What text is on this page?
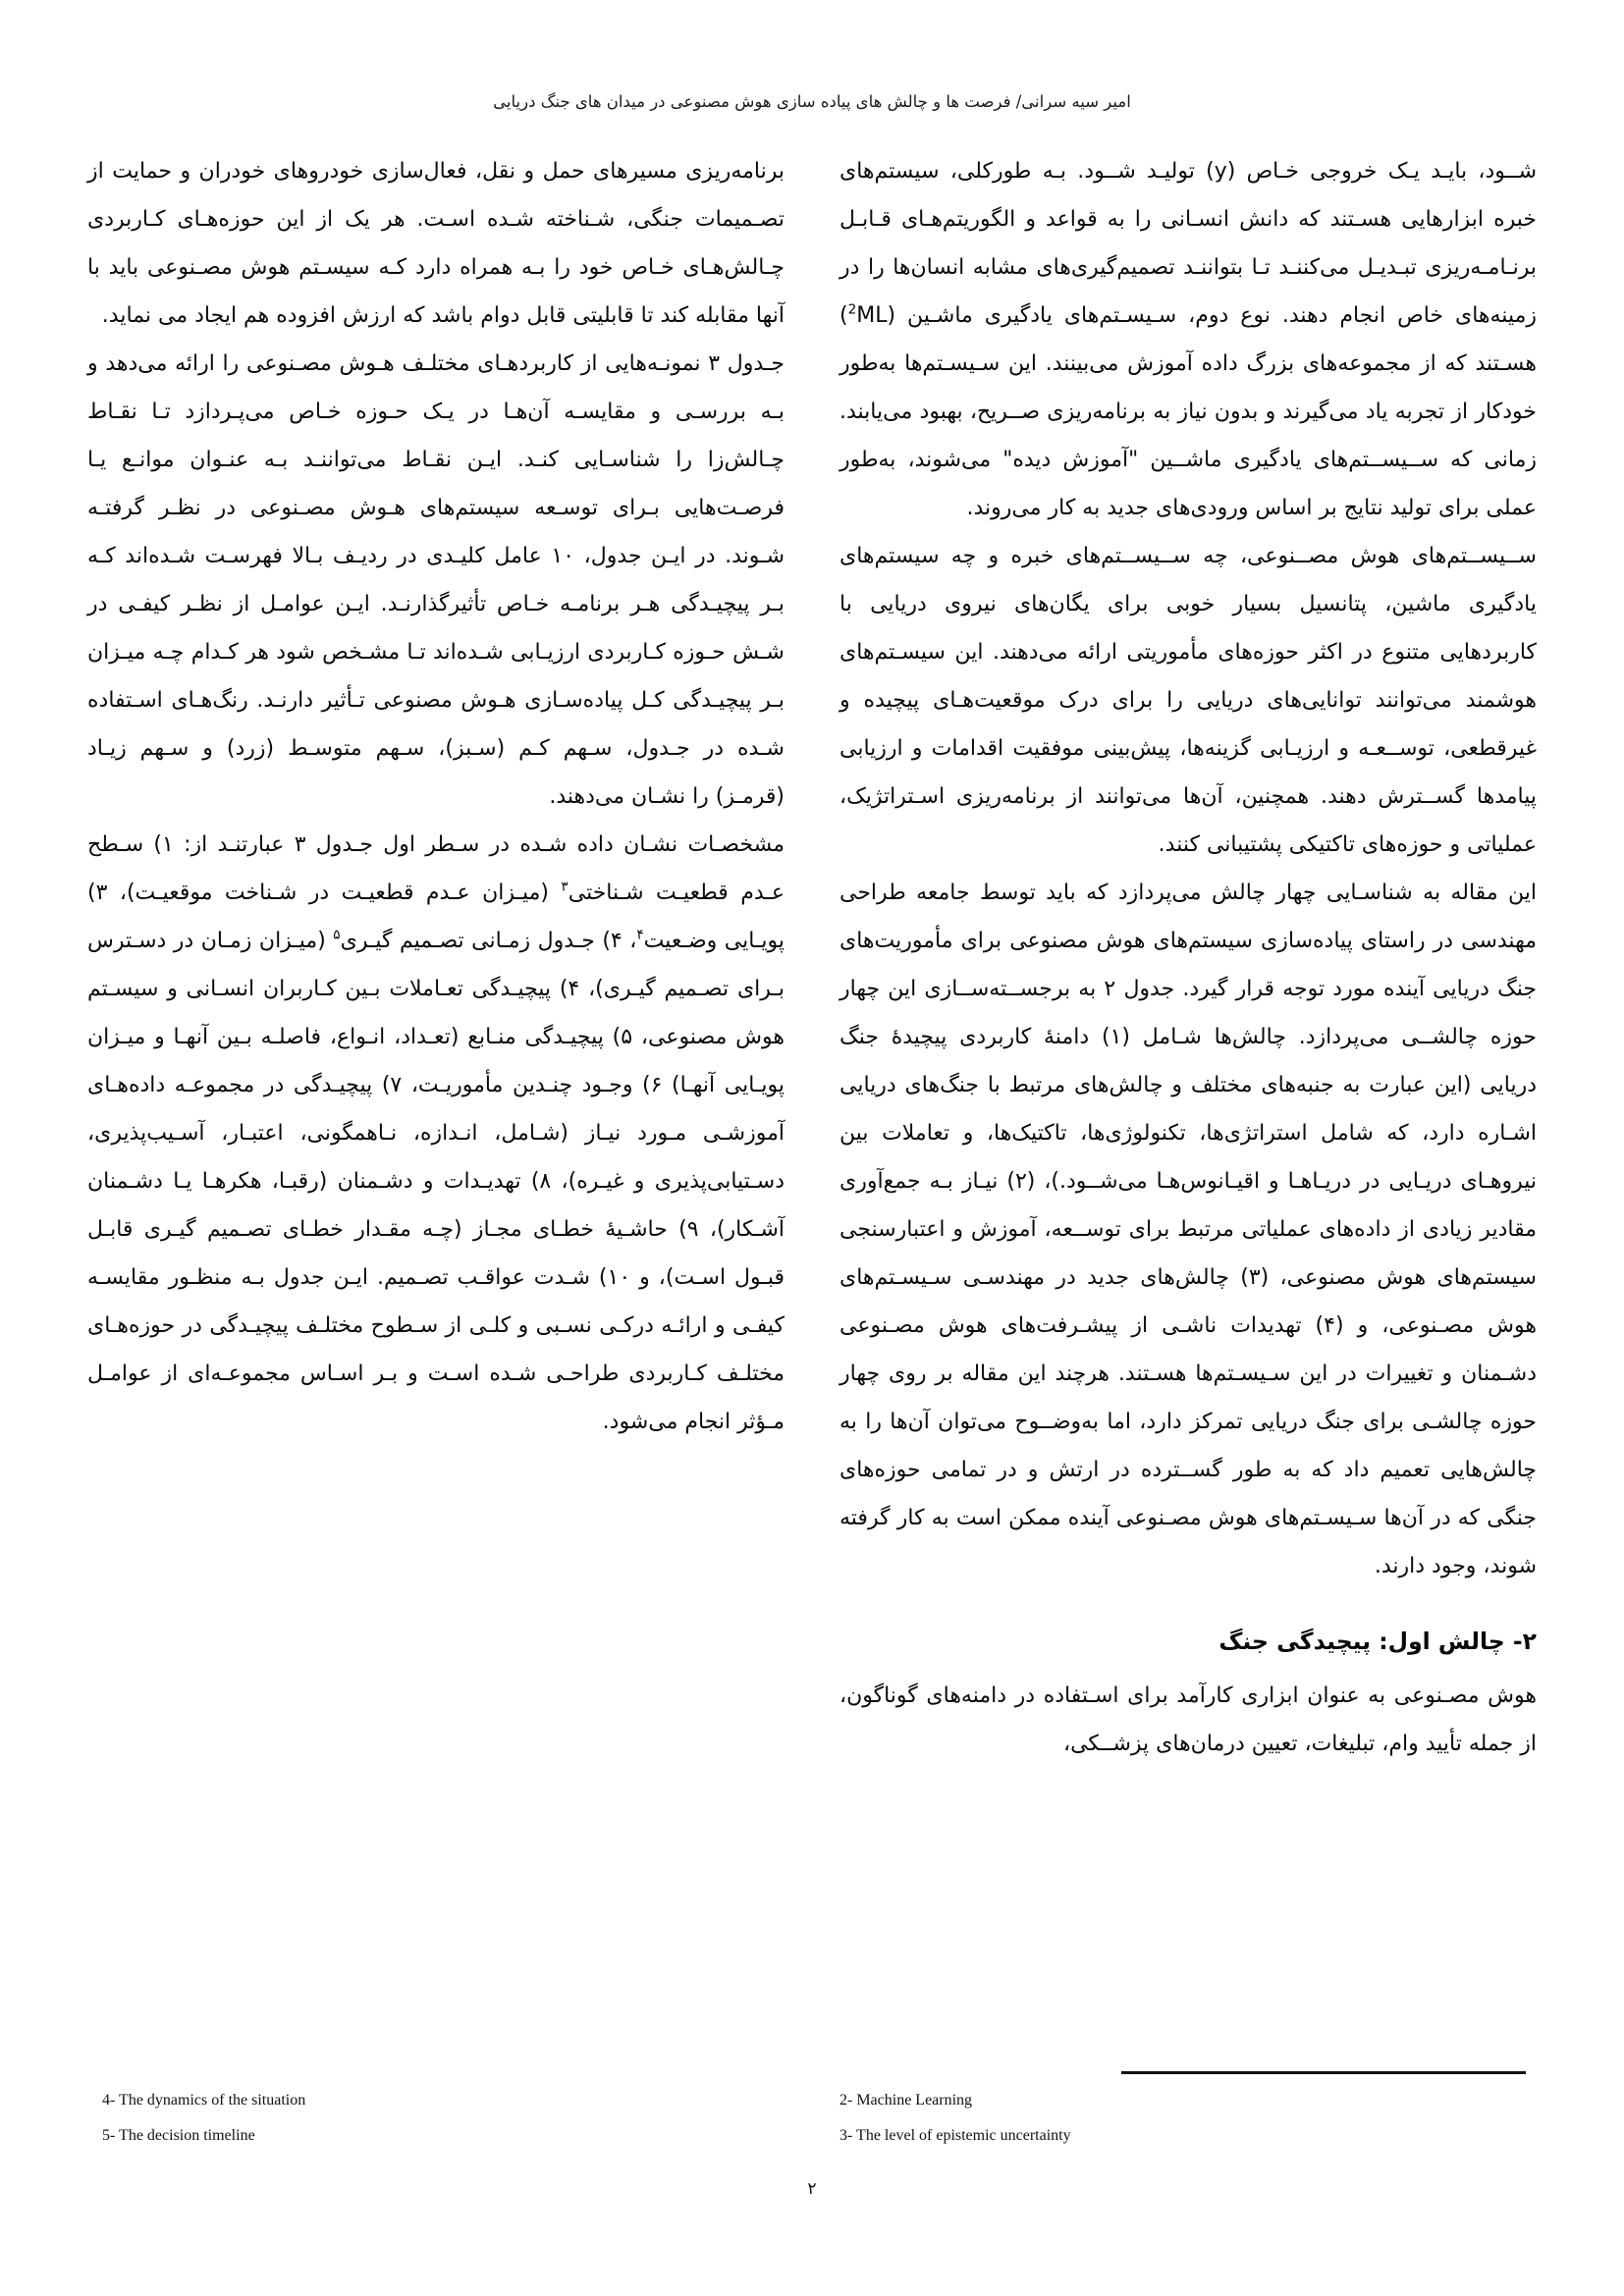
امیر سیه سرانی/ فرصت ها و چالش های پیاده سازی هوش مصنوعی در میدان های جنگ دریایی
شــود، بایـد یـک خروجی خـاص (y) تولیـد شــود. بـه طورکلی، سیستم‌های خبره ابزارهایی هسـتند که دانش انسـانی را به قواعد و الگوریتم‌هـای قـابـل برنـامـه‌ریزی تبـدیـل می‌کننـد تـا بتواننـد تصمیم‌گیری‌های مشابه انسان‌ها را در زمینه‌های خاص انجام دهند. نوع دوم، سـیسـتم‌های یادگیری ماشـین $(ML^2)$ هسـتند که از مجموعه‌های بزرگ داده آموزش می‌بینند. این سـیسـتم‌ها به‌طور خودکار از تجربه یاد می‌گیرند و بدون نیاز به برنامه‌ریزی صــریح، بهبود می‌یابند. زمانی که ســیســتم‌های یادگیری ماشــین "آموزش دیده" می‌شوند، به‌طور عملی برای تولید نتایج بر اساس ورودی‌های جدید به کار می‌روند.
ســیســتم‌های هوش مصــنوعی، چه ســیســتم‌های خبره و چه سیستم‌های یادگیری ماشین، پتانسیل بسیار خوبی برای یگان‌های نیروی دریایی با کاربردهایی متنوع در اکثر حوزه‌های مأموریتی ارائه می‌دهند. این سیسـتم‌های هوشمند می‌توانند توانایی‌های دریایی را برای درک موقعیت‌هـای پیچیده و غیرقطعی، توســعـه و ارزیـابی گزینه‌ها، پیش‌بینی موفقیت اقدامات و ارزیابی پیامدها گســترش دهند. همچنین، آن‌ها می‌توانند از برنامه‌ریزی اسـتراتژیک، عملیاتی و حوزه‌های تاکتیکی پشتیبانی کنند.
این مقاله به شناسـایی چهار چالش می‌پردازد که باید توسط جامعه طراحی مهندسی در راستای پیاده‌سازی سیستم‌های هوش مصنوعی برای مأموریت‌های جنگ دریایی آینده مورد توجه قرار گیرد. جدول ۲ به برجســته‌ســازی این چهار حوزه چالشــی می‌پردازد. چالش‌ها شـامل (۱) دامنۀ کاربردی پیچیدۀ جنگ دریایی (این عبارت به جنبه‌های مختلف و چالش‌های مرتبط با جنگ‌های دریایی اشـاره دارد، که شامل استراتژی‌ها، تکنولوژی‌ها، تاکتیک‌ها، و تعاملات بین نیروهـای دریـایی در دریـاهـا و اقیـانوس‌هـا می‌شــود.)، (۲) نیـاز بـه جمع‌آوری مقادیر زیادی از داده‌های عملیاتی مرتبط برای توســعه، آموزش و اعتبارسنجی سیستم‌های هوش مصنوعی، (۳) چالش‌های جدید در مهندسـی سـیسـتم‌های هوش مصـنوعی، و (۴) تهدیدات ناشـی از پیشـرفت‌های هوش مصـنوعی دشـمنان و تغییرات در این سـیسـتم‌ها هسـتند. هرچند این مقاله بر روی چهار حوزه چالشـی برای جنگ دریایی تمرکز دارد، اما به‌وضــوح می‌توان آن‌ها را به چالش‌هایی تعمیم داد که به طور گســترده در ارتش و در تمامی حوزه‌های جنگی که در آن‌ها سـیسـتم‌های هوش مصـنوعی آینده ممکن است به کار گرفته شوند، وجود دارند.
۲- چالش اول: پیچیدگی جنگ
هوش مصـنوعی به عنوان ابزاری کارآمد برای اسـتفاده در دامنه‌های گوناگون، از جمله تأیید وام، تبلیغات، تعیین درمان‌های پزشــکی،
برنامه‌ریزی مسیرهای حمل و نقل، فعال‌سازی خودروهای خودران و حمایت از تصـمیمات جنگی، شـناخته شـده اسـت. هر یک از این حوزه‌هـای کـاربردی چـالش‌هـای خـاص خود را بـه همراه دارد کـه سیسـتم هوش مصـنوعی باید با آنها مقابله کند تا قابلیتی قابل دوام باشد که ارزش افزوده هم ایجاد می نماید.
جـدول ۳ نمونـه‌هایی از کاربردهـای مختلـف هـوش مصـنوعی را ارائه می‌دهد و بـه بررسـی و مقایسـه آن‌هـا در یـک حـوزه خـاص می‌پـردازد تـا نقـاط چـالش‌زا را شناسـایی کنـد. ایـن نقـاط می‌تواننـد بـه عنـوان موانـع یـا فرصـت‌هایی بـرای توسـعه سیستم‌های هـوش مصـنوعی در نظـر گرفتـه شـوند. در ایـن جدول، ۱۰ عامل کلیـدی در ردیـف بـالا فهرسـت شـده‌اند کـه بـر پیچیـدگی هـر برنامـه خـاص تأثیرگذارنـد. ایـن عوامـل از نظـر کیفـی در شـش حـوزه کـاربردی ارزیـابی شـده‌اند تـا مشـخص شود هر کـدام چـه میـزان بـر پیچیـدگی کـل پیاده‌سـازی هـوش مصنوعی تـأثیر دارنـد. رنگ‌هـای اسـتفاده شـده در جـدول، سـهم کـم (سـبز)، سـهم متوسـط (زرد) و سـهم زیـاد (قرمـز) را نشـان می‌دهند.
مشخصـات نشـان داده شـده در سـطر اول جـدول ۳ عبارتنـد از: ۱) سـطح عـدم قطعیـت شـناختی$^۳$ (میـزان عـدم قطعیـت در شـناخت موقعیـت)، ۳) پویـایی وضـعیت$^۴$، ۴) جـدول زمـانی تصـمیم گیـری$^۵$ (میـزان زمـان در دسـترس بـرای تصـمیم گیـری)، ۴) پیچیـدگی تعـاملات بـین کـاربران انسـانی و سیسـتم هوش مصنوعی، ۵) پیچیـدگی منـابع (تعـداد، انـواع، فاصلـه بـین آنهـا و میـزان پویـایی آنهـا) ۶) وجـود چنـدین مأموریـت، ۷) پیچیـدگی در مجموعـه داده‌هـای آموزشـی مـورد نیـاز (شـامل، انـدازه، نـاهمگونی، اعتبـار، آسـیب‌پذیری، دسـتیابی‌پذیری و غیـره)، ۸) تهدیـدات و دشـمنان (رقبـا، هکرهـا یـا دشـمنان آشـکار)، ۹) حاشـیۀ خطـای مجـاز (چـه مقـدار خطـای تصـمیم گیـری قابـل قبـول اسـت)، و ۱۰) شـدت عواقـب تصـمیم. ایـن جدول بـه منظـور مقایسـه کیفـی و ارائـه درکـی نسـبی و کلـی از سـطوح مختلـف پیچیـدگی در حوزه‌هـای مختلـف کـاربردی طراحـی شـده اسـت و بـر اسـاس مجموعـه‌ای از عوامـل مـؤثر انجام می‌شود.
2- Machine Learning
3- The level of epistemic uncertainty
4- The dynamics of the situation
5- The decision timeline
۲
